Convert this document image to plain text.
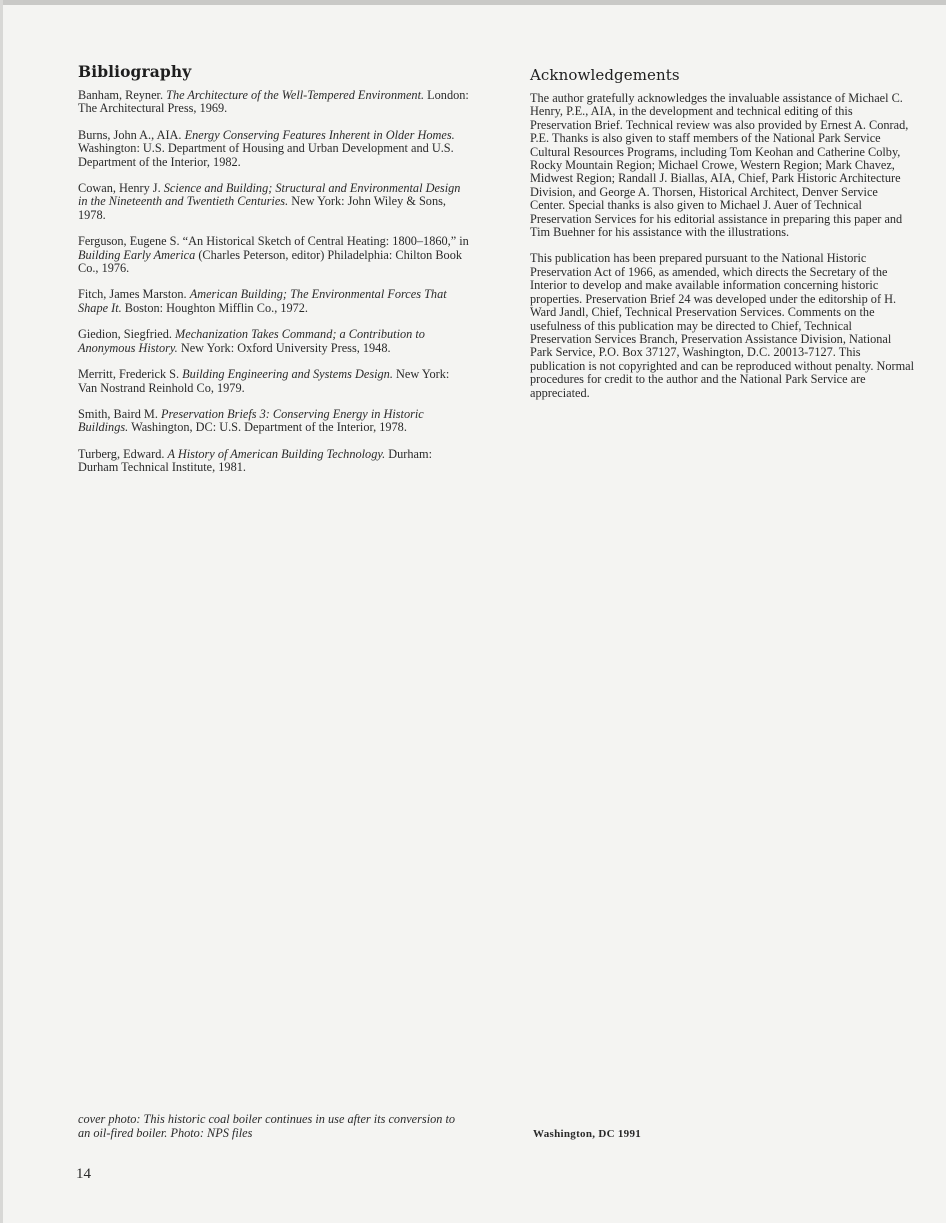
Bibliography

Banham, Reyner. The Architecture of the Well-Tempered Environment. London: The Architectural Press, 1969.

Burns, John A., AIA. Energy Conserving Features Inherent in Older Homes. Washington: U.S. Department of Housing and Urban Development and U.S. Department of the Interior, 1982.

Cowan, Henry J. Science and Building; Structural and Environmental Design in the Nineteenth and Twentieth Centuries. New York: John Wiley & Sons, 1978.

Ferguson, Eugene S. “An Historical Sketch of Central Heating: 1800–1860,” in Building Early America (Charles Peterson, editor) Philadelphia: Chilton Book Co., 1976.

Fitch, James Marston. American Building; The Environmental Forces That Shape It. Boston: Houghton Mifflin Co., 1972.

Giedion, Siegfried. Mechanization Takes Command; a Contribution to Anonymous History. New York: Oxford University Press, 1948.

Merritt, Frederick S. Building Engineering and Systems Design. New York: Van Nostrand Reinhold Co, 1979.

Smith, Baird M. Preservation Briefs 3: Conserving Energy in Historic Buildings. Washington, DC: U.S. Department of the Interior, 1978.

Turberg, Edward. A History of American Building Technology. Durham: Durham Technical Institute, 1981.

Acknowledgements

The author gratefully acknowledges the invaluable assistance of Michael C. Henry, P.E., AIA, in the development and technical editing of this Preservation Brief. Technical review was also provided by Ernest A. Conrad, P.E. Thanks is also given to staff members of the National Park Service Cultural Resources Programs, including Tom Keohan and Catherine Colby, Rocky Mountain Region; Michael Crowe, Western Region; Mark Chavez, Midwest Region; Randall J. Biallas, AIA, Chief, Park Historic Architecture Division, and George A. Thorsen, Historical Architect, Denver Service Center. Special thanks is also given to Michael J. Auer of Technical Preservation Services for his editorial assistance in preparing this paper and Tim Buehner for his assistance with the illustrations.

This publication has been prepared pursuant to the National Historic Preservation Act of 1966, as amended, which directs the Secretary of the Interior to develop and make available information concerning historic properties. Preservation Brief 24 was developed under the editorship of H. Ward Jandl, Chief, Technical Preservation Services. Comments on the usefulness of this publication may be directed to Chief, Technical Preservation Services Branch, Preservation Assistance Division, National Park Service, P.O. Box 37127, Washington, D.C. 20013-7127. This publication is not copyrighted and can be reproduced without penalty. Normal procedures for credit to the author and the National Park Service are appreciated.

cover photo: This historic coal boiler continues in use after its conversion to an oil-fired boiler. Photo: NPS files	Washington, DC 1991
14
